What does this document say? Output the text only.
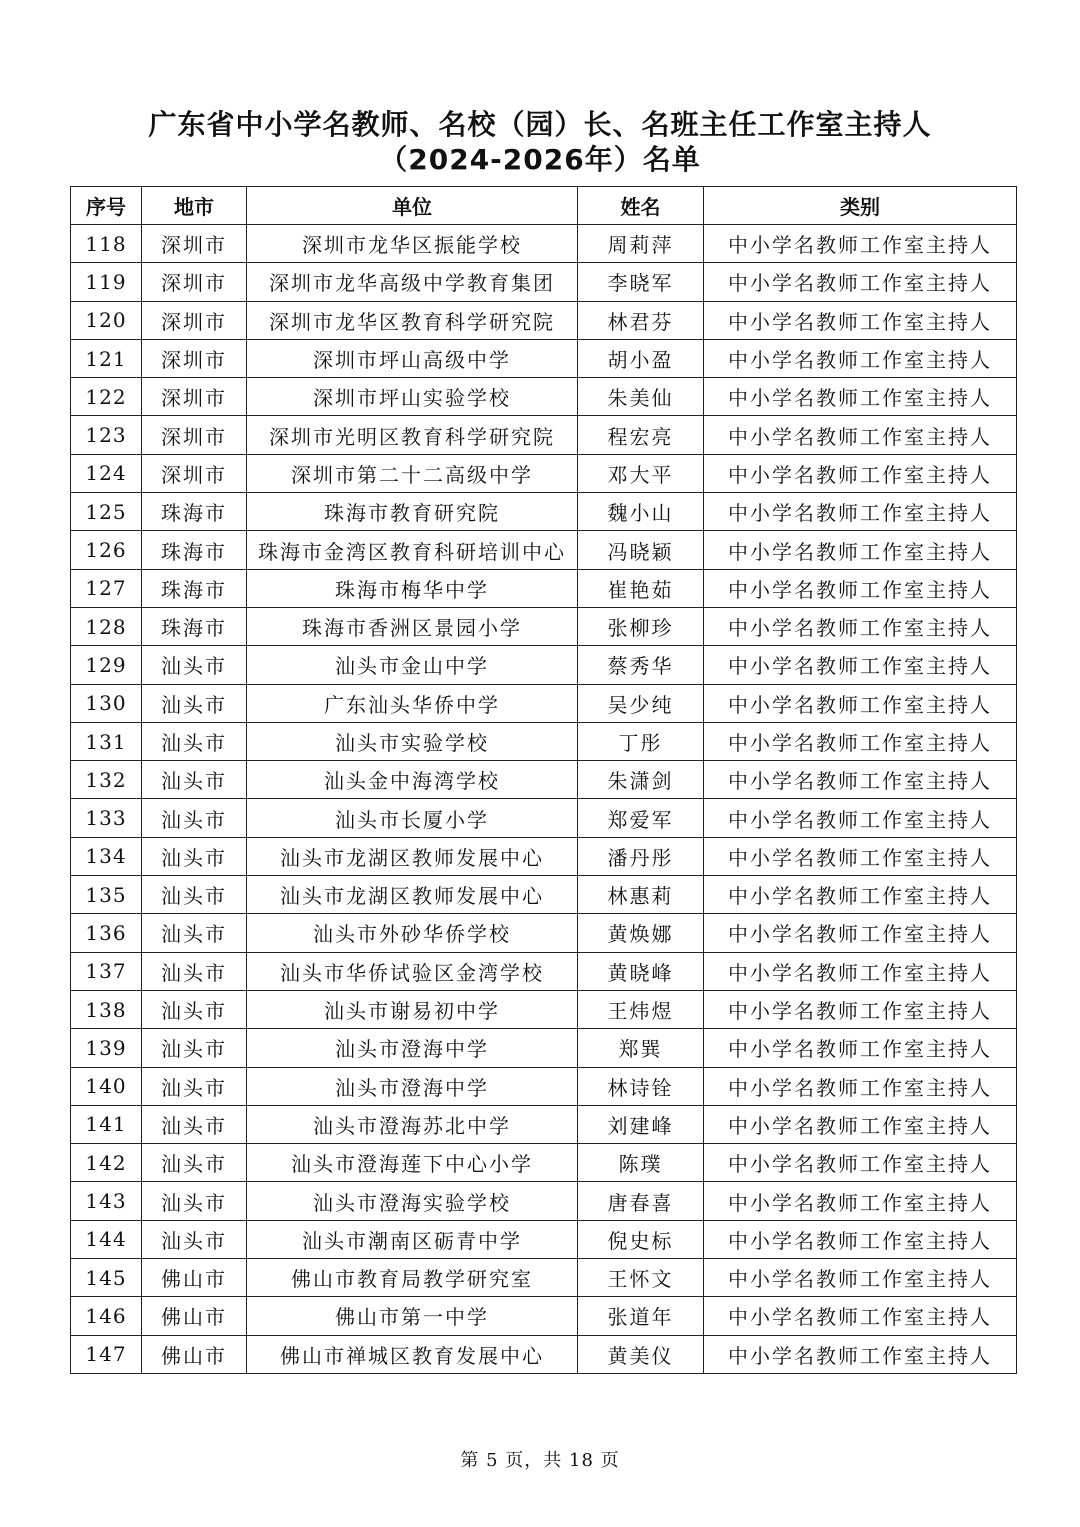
广东省中小学名教师、名校（园）长、名班主任工作室主持人
（2024-2026年）名单
序号	地市	单位	姓名	类别
118	深圳市	深圳市龙华区振能学校	周莉萍	中小学名教师工作室主持人
119	深圳市	深圳市龙华高级中学教育集团	李晓军	中小学名教师工作室主持人
120	深圳市	深圳市龙华区教育科学研究院	林君芬	中小学名教师工作室主持人
121	深圳市	深圳市坪山高级中学	胡小盈	中小学名教师工作室主持人
122	深圳市	深圳市坪山实验学校	朱美仙	中小学名教师工作室主持人
123	深圳市	深圳市光明区教育科学研究院	程宏亮	中小学名教师工作室主持人
124	深圳市	深圳市第二十二高级中学	邓大平	中小学名教师工作室主持人
125	珠海市	珠海市教育研究院	魏小山	中小学名教师工作室主持人
126	珠海市	珠海市金湾区教育科研培训中心	冯晓颖	中小学名教师工作室主持人
127	珠海市	珠海市梅华中学	崔艳茹	中小学名教师工作室主持人
128	珠海市	珠海市香洲区景园小学	张柳珍	中小学名教师工作室主持人
129	汕头市	汕头市金山中学	蔡秀华	中小学名教师工作室主持人
130	汕头市	广东汕头华侨中学	吴少纯	中小学名教师工作室主持人
131	汕头市	汕头市实验学校	丁彤	中小学名教师工作室主持人
132	汕头市	汕头金中海湾学校	朱潇剑	中小学名教师工作室主持人
133	汕头市	汕头市长厦小学	郑爱军	中小学名教师工作室主持人
134	汕头市	汕头市龙湖区教师发展中心	潘丹彤	中小学名教师工作室主持人
135	汕头市	汕头市龙湖区教师发展中心	林惠莉	中小学名教师工作室主持人
136	汕头市	汕头市外砂华侨学校	黄焕娜	中小学名教师工作室主持人
137	汕头市	汕头市华侨试验区金湾学校	黄晓峰	中小学名教师工作室主持人
138	汕头市	汕头市谢易初中学	王炜煜	中小学名教师工作室主持人
139	汕头市	汕头市澄海中学	郑巽	中小学名教师工作室主持人
140	汕头市	汕头市澄海中学	林诗铨	中小学名教师工作室主持人
141	汕头市	汕头市澄海苏北中学	刘建峰	中小学名教师工作室主持人
142	汕头市	汕头市澄海莲下中心小学	陈璞	中小学名教师工作室主持人
143	汕头市	汕头市澄海实验学校	唐春喜	中小学名教师工作室主持人
144	汕头市	汕头市潮南区砺青中学	倪史标	中小学名教师工作室主持人
145	佛山市	佛山市教育局教学研究室	王怀文	中小学名教师工作室主持人
146	佛山市	佛山市第一中学	张道年	中小学名教师工作室主持人
147	佛山市	佛山市禅城区教育发展中心	黄美仪	中小学名教师工作室主持人
第 5 页，共 18 页
